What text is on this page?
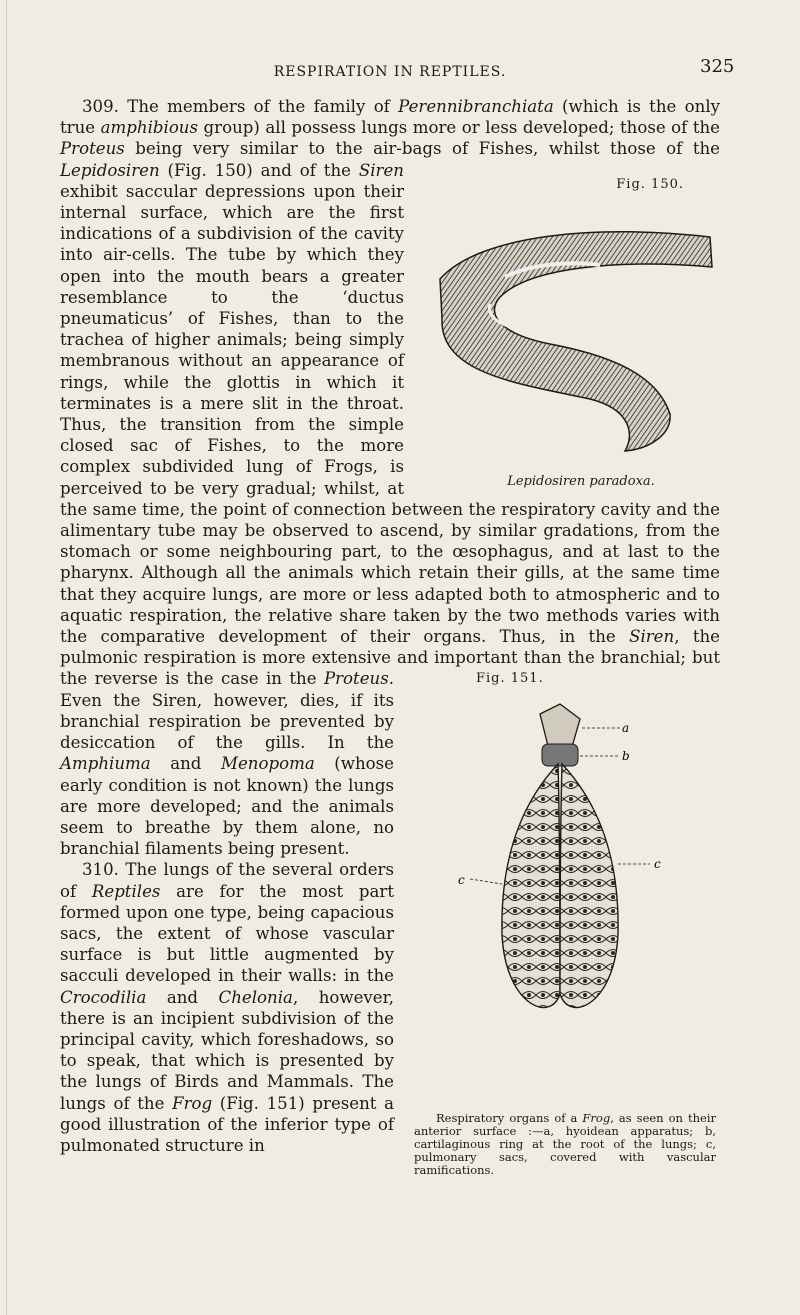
RESPIRATION IN REPTILES.	325

309. The members of the family of Perennibranchiata (which is the only true amphibious group) all possess lungs more or less developed; those of the Proteus being very similar to the air-bags of Fishes, whilst those of the Lepidosiren (Fig. 150) and of the Siren
Fig. 150.
Lepidosiren paradoxa.
exhibit saccular depressions upon their internal surface, which are the first indications of a subdivision of the cavity into air-cells. The tube by which they open into the mouth bears a greater resemblance to the ‘ductus pneumaticus’ of Fishes, than to the trachea of higher animals; being simply membranous without an appearance of rings, while the glottis in which it terminates is a mere slit in the throat. Thus, the transition from the simple closed sac of Fishes, to the more complex subdivided lung of Frogs, is perceived to be very gradual; whilst, at the same time, the point of connection between the respiratory cavity and the alimentary tube may be observed to ascend, by similar gradations, from the stomach or some neighbouring part, to the œsophagus, and at last to the pharynx. Although all the animals which retain their gills, at the same time that they acquire lungs, are more or less adapted both to atmospheric and to aquatic respiration, the relative share taken by the two methods varies with the comparative development of their organs. Thus, in the Siren, the pulmonic respiration is more extensive and important than the branchial; but the reverse is the case in the	Fig. 151.
a
b
c
c
Respiratory organs of a Frog, as seen on their anterior surface :—a, hyoidean apparatus; b, cartilaginous ring at the root of the lungs; c, pulmonary sacs, covered with vascular ramifications.
Proteus. Even the Siren, however, dies, if its branchial respiration be prevented by desiccation of the gills. In the Amphiuma and Menopoma (whose early condition is not known) the lungs are more developed; and the animals seem to breathe by them alone, no branchial filaments being present.

310. The lungs of the several orders of Reptiles are for the most part formed upon one type, being capacious sacs, the extent of whose vascular surface is but little augmented by sacculi developed in their walls: in the Crocodilia and Chelonia, however, there is an incipient subdivision of the principal cavity, which foreshadows, so to speak, that which is presented by the lungs of Birds and Mammals. The lungs of the Frog (Fig. 151) present a good illustration of the inferior type of pulmonated structure in
